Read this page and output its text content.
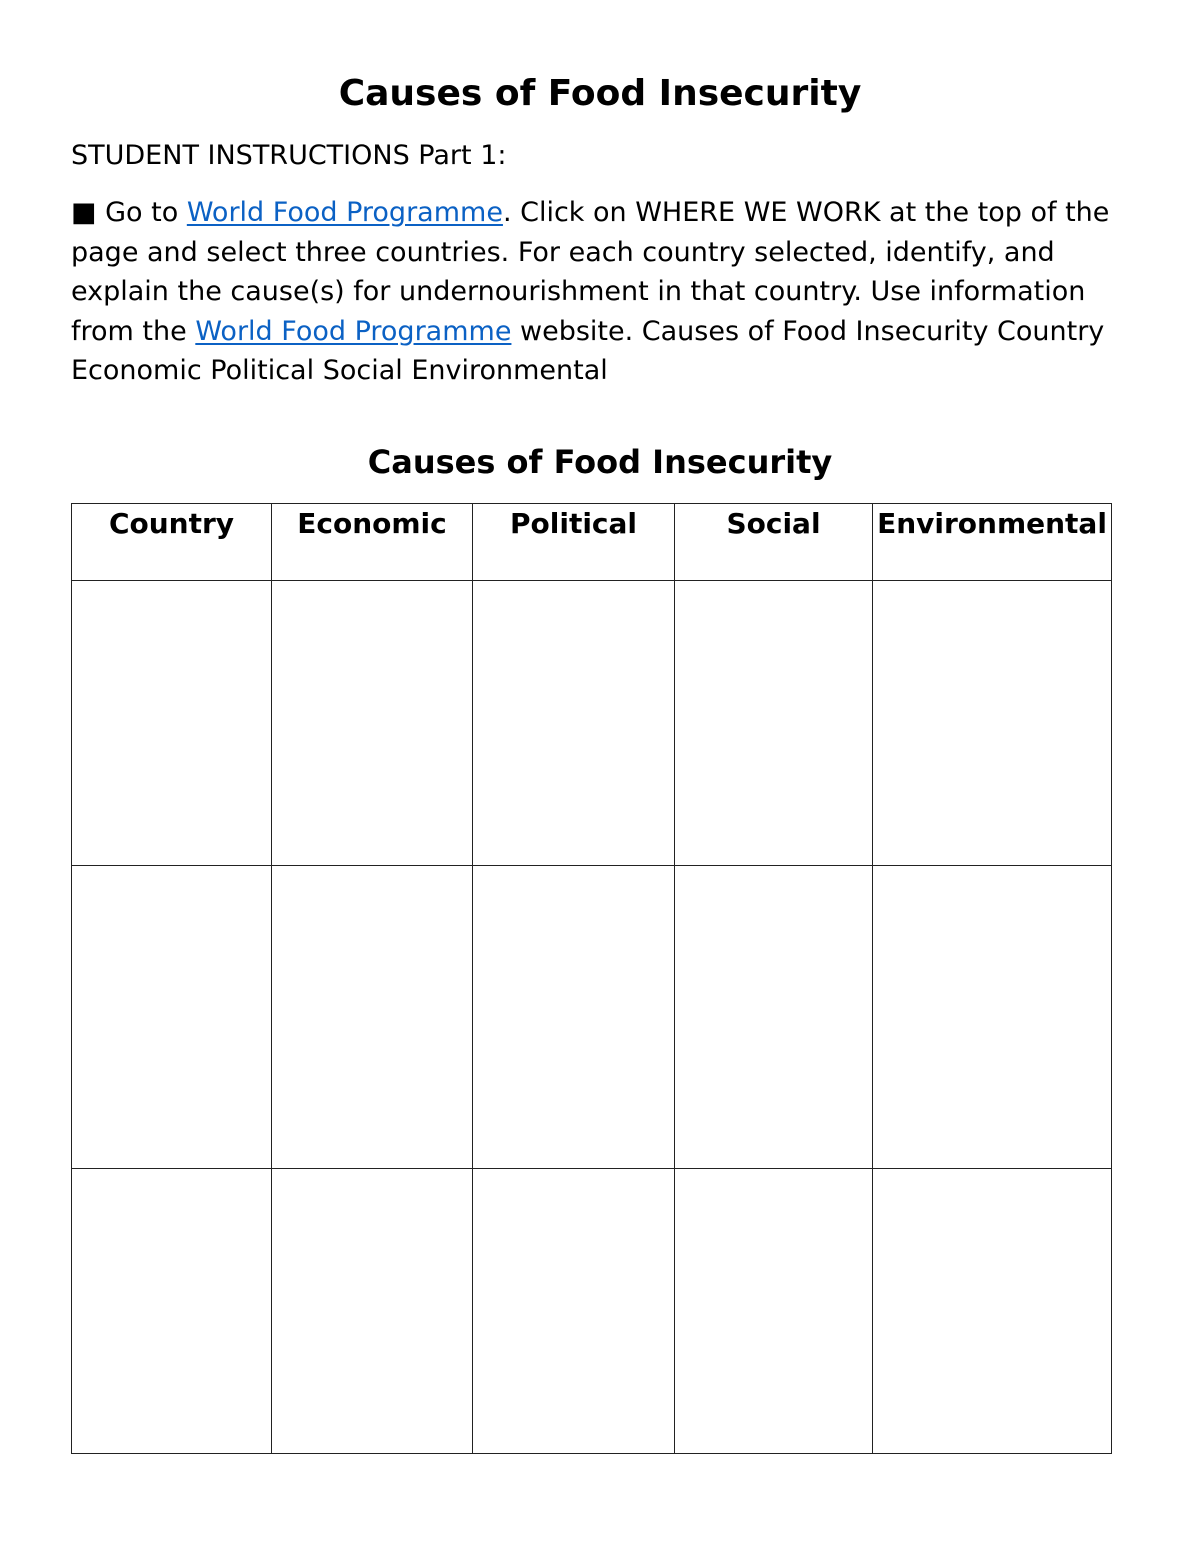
Causes of Food Insecurity

STUDENT INSTRUCTIONS Part 1:

■ Go to World Food Programme. Click on WHERE WE WORK at the top of the page and select three countries. For each country selected, identify, and explain the cause(s) for undernourishment in that country. Use information from the World Food Programme website. Causes of Food Insecurity Country Economic Political Social Environmental

Causes of Food Insecurity
Country	Economic	Political	Social	Environmental
